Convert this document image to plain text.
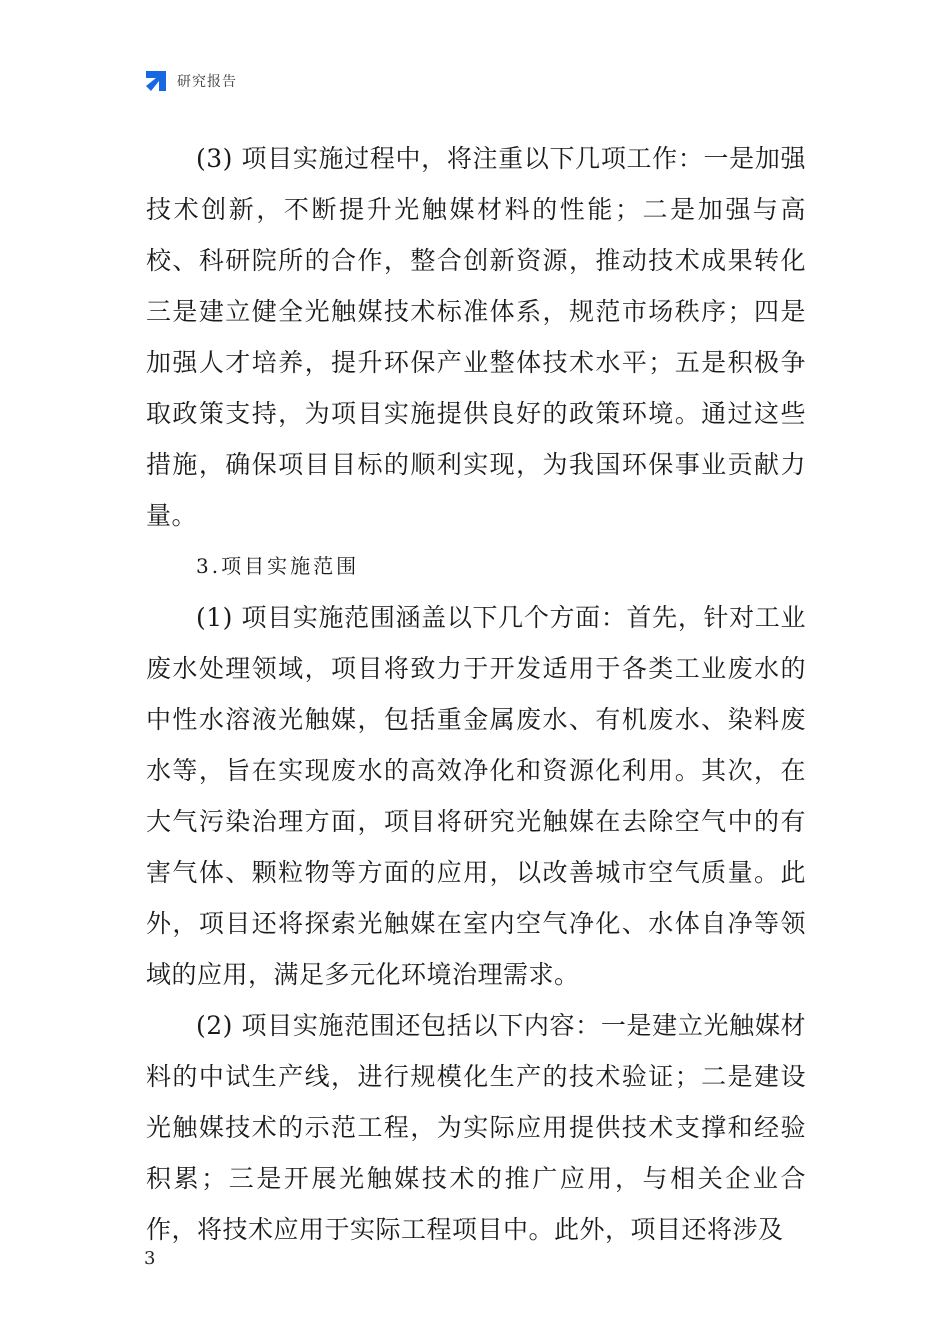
研究报告

(3) 项目实施过程中，将注重以下几项工作：一是加强技术创新，不断提升光触媒材料的性能；二是加强与高校、科研院所的合作，整合创新资源，推动技术成果转化三是建立健全光触媒技术标准体系，规范市场秩序；四是加强人才培养，提升环保产业整体技术水平；五是积极争取政策支持，为项目实施提供良好的政策环境。通过这些措施，确保项目目标的顺利实现，为我国环保事业贡献力量。

3.项目实施范围

(1) 项目实施范围涵盖以下几个方面：首先，针对工业废水处理领域，项目将致力于开发适用于各类工业废水的中性水溶液光触媒，包括重金属废水、有机废水、染料废水等，旨在实现废水的高效净化和资源化利用。其次，在大气污染治理方面，项目将研究光触媒在去除空气中的有害气体、颗粒物等方面的应用，以改善城市空气质量。此外，项目还将探索光触媒在室内空气净化、水体自净等领域的应用，满足多元化环境治理需求。

(2) 项目实施范围还包括以下内容：一是建立光触媒材料的中试生产线，进行规模化生产的技术验证；二是建设光触媒技术的示范工程，为实际应用提供技术支撑和经验积累；三是开展光触媒技术的推广应用，与相关企业合作，将技术应用于实际工程项目中。此外，项目还将涉及

3
